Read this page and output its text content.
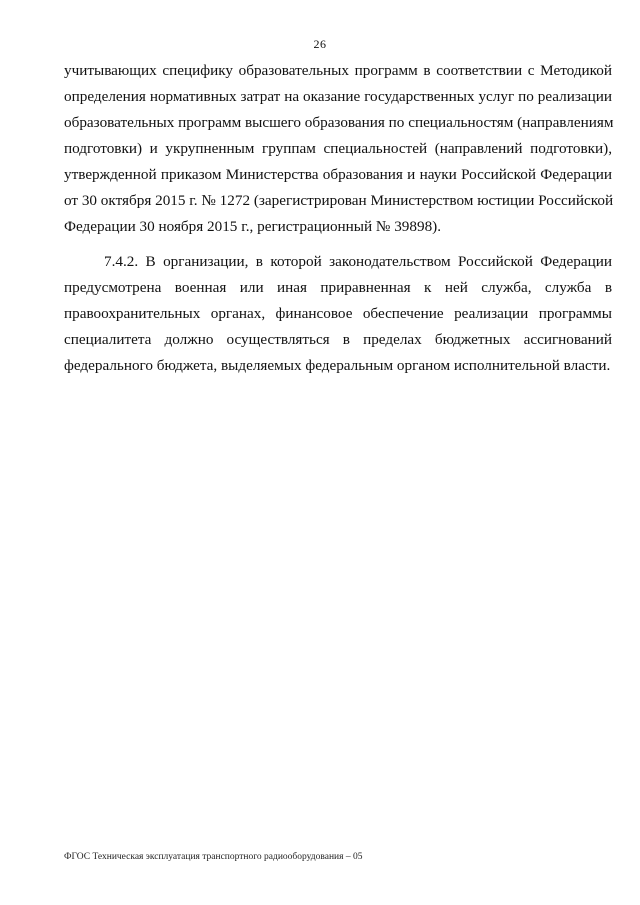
26
учитывающих специфику образовательных программ в соответствии с Методикой
определения нормативных затрат на оказание государственных услуг по реализации
образовательных программ высшего образования по специальностям (направлениям
подготовки) и укрупненным группам специальностей (направлений подготовки),
утвержденной приказом Министерства образования и науки Российской Федерации
от 30 октября 2015 г. № 1272 (зарегистрирован Министерством юстиции Российской
Федерации 30 ноября 2015 г., регистрационный № 39898).
7.4.2. В организации, в которой законодательством Российской Федерации
предусмотрена военная или иная приравненная к ней служба, служба в
правоохранительных органах, финансовое обеспечение реализации программы
специалитета должно осуществляться в пределах бюджетных ассигнований
федерального бюджета, выделяемых федеральным органом исполнительной власти.
ФГОС Техническая эксплуатация транспортного радиооборудования – 05
